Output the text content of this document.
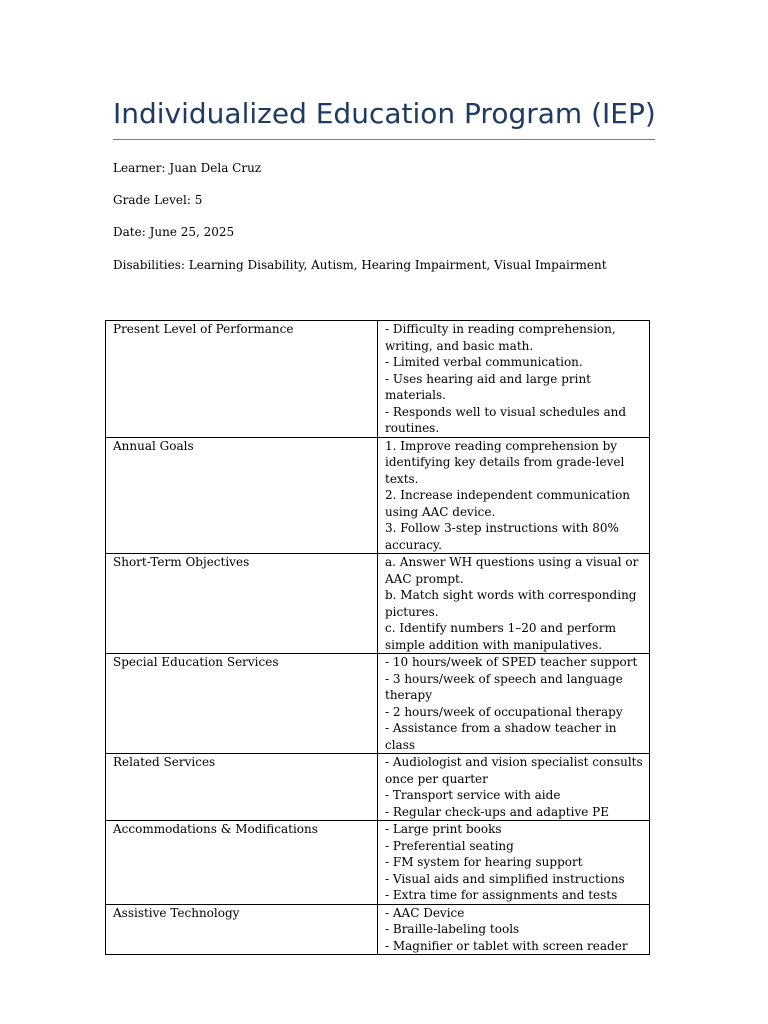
Individualized Education Program (IEP)

Learner : Juan Dela Cruz

Grade Level : 5

Date : June 25, 2025

Disabilities : Learning Disability, Autism, Hearing Impairment, Visual Impairment

Present Level of Performance	- Difficulty in reading comprehension, writing, and basic math.
- Limited verbal communication.
- Uses hearing aid and large print materials.
- Responds well to visual schedules and routines.

Annual Goals	1. Improve reading comprehension by identifying key details from grade-level texts.
2. Increase independent communication using AAC device.
3. Follow 3-step instructions with 80% accuracy.

Short-Term Objectives	a. Answer WH questions using a visual or AAC prompt.
b. Match sight words with corresponding pictures.
c. Identify numbers 1–20 and perform simple addition with manipulatives.

Special Education Services	- 10 hours/week of SPED teacher support
- 3 hours/week of speech and language therapy
- 2 hours/week of occupational therapy
- Assistance from a shadow teacher in class

Related Services	- Audiologist and vision specialist consults once per quarter
- Transport service with aide
- Regular check-ups and adaptive PE

Accommodations & Modifications	- Large print books
- Preferential seating
- FM system for hearing support
- Visual aids and simplified instructions
- Extra time for assignments and tests

Assistive Technology	- AAC Device
- Braille-labeling tools
- Magnifier or tablet with screen reader
